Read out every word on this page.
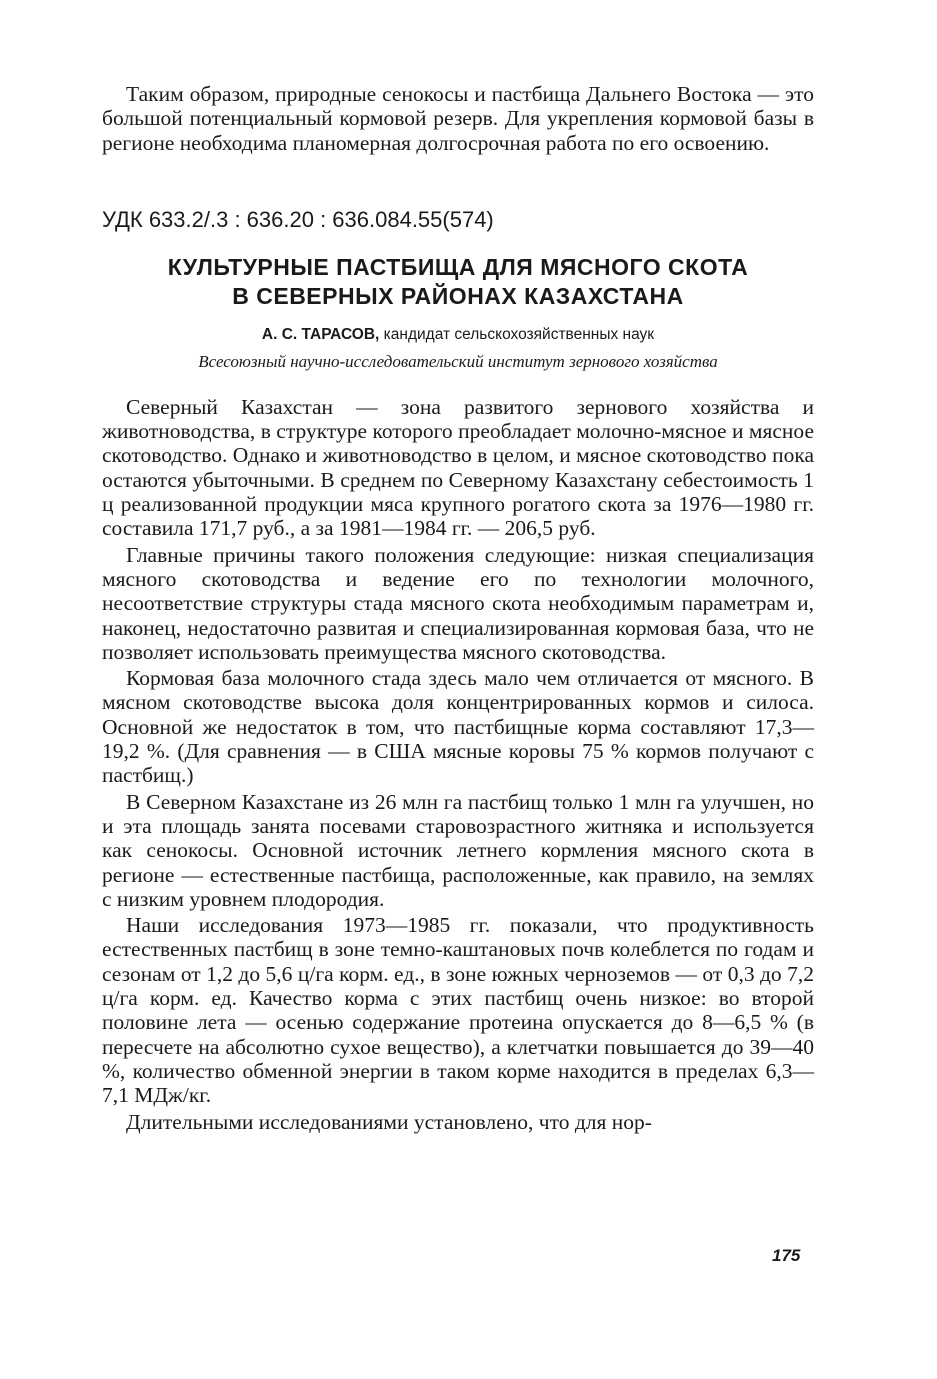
Таким образом, природные сенокосы и пастбища Дальнего Востока — это большой потенциальный кормовой резерв. Для укрепления кормовой базы в регионе необходима планомерная долгосрочная работа по его освоению.

УДК 633.2/.3 : 636.20 : 636.084.55(574)

КУЛЬТУРНЫЕ ПАСТБИЩА ДЛЯ МЯСНОГО СКОТА
В СЕВЕРНЫХ РАЙОНАХ КАЗАХСТАНА
А. С. ТАРАСОВ, кандидат сельскохозяйственных наук
Всесоюзный научно-исследовательский институт зернового хозяйства

Северный Казахстан — зона развитого зернового хозяйства и животноводства, в структуре которого преобладает молочно-мясное и мясное скотоводство. Однако и животноводство в целом, и мясное скотоводство пока остаются убыточными. В среднем по Северному Казахстану себестоимость 1 ц реализованной продукции мяса крупного рогатого скота за 1976—1980 гг. составила 171,7 руб., а за 1981—1984 гг. — 206,5 руб.

Главные причины такого положения следующие: низкая специализация мясного скотоводства и ведение его по технологии молочного, несоответствие структуры стада мясного скота необходимым параметрам и, наконец, недостаточно развитая и специализированная кормовая база, что не позволяет использовать преимущества мясного скотоводства.

Кормовая база молочного стада здесь мало чем отличается от мясного. В мясном скотоводстве высока доля концентрированных кормов и силоса. Основной же недостаток в том, что пастбищные корма составляют 17,3—19,2 %. (Для сравнения — в США мясные коровы 75 % кормов получают с пастбищ.)

В Северном Казахстане из 26 млн га пастбищ только 1 млн га улучшен, но и эта площадь занята посевами старовозрастного житняка и используется как сенокосы. Основной источник летнего кормления мясного скота в регионе — естественные пастбища, расположенные, как правило, на землях с низким уровнем плодородия.

Наши исследования 1973—1985 гг. показали, что продуктивность естественных пастбищ в зоне темно-каштановых почв колеблется по годам и сезонам от 1,2 до 5,6 ц/га корм. ед., в зоне южных черноземов — от 0,3 до 7,2 ц/га корм. ед. Качество корма с этих пастбищ очень низкое: во второй половине лета — осенью содержание протеина опускается до 8—6,5 % (в пересчете на абсолютно сухое вещество), а клетчатки повышается до 39—40 %, количество обменной энергии в таком корме находится в пределах 6,3—7,1 МДж/кг.

Длительными исследованиями установлено, что для нор-

175
